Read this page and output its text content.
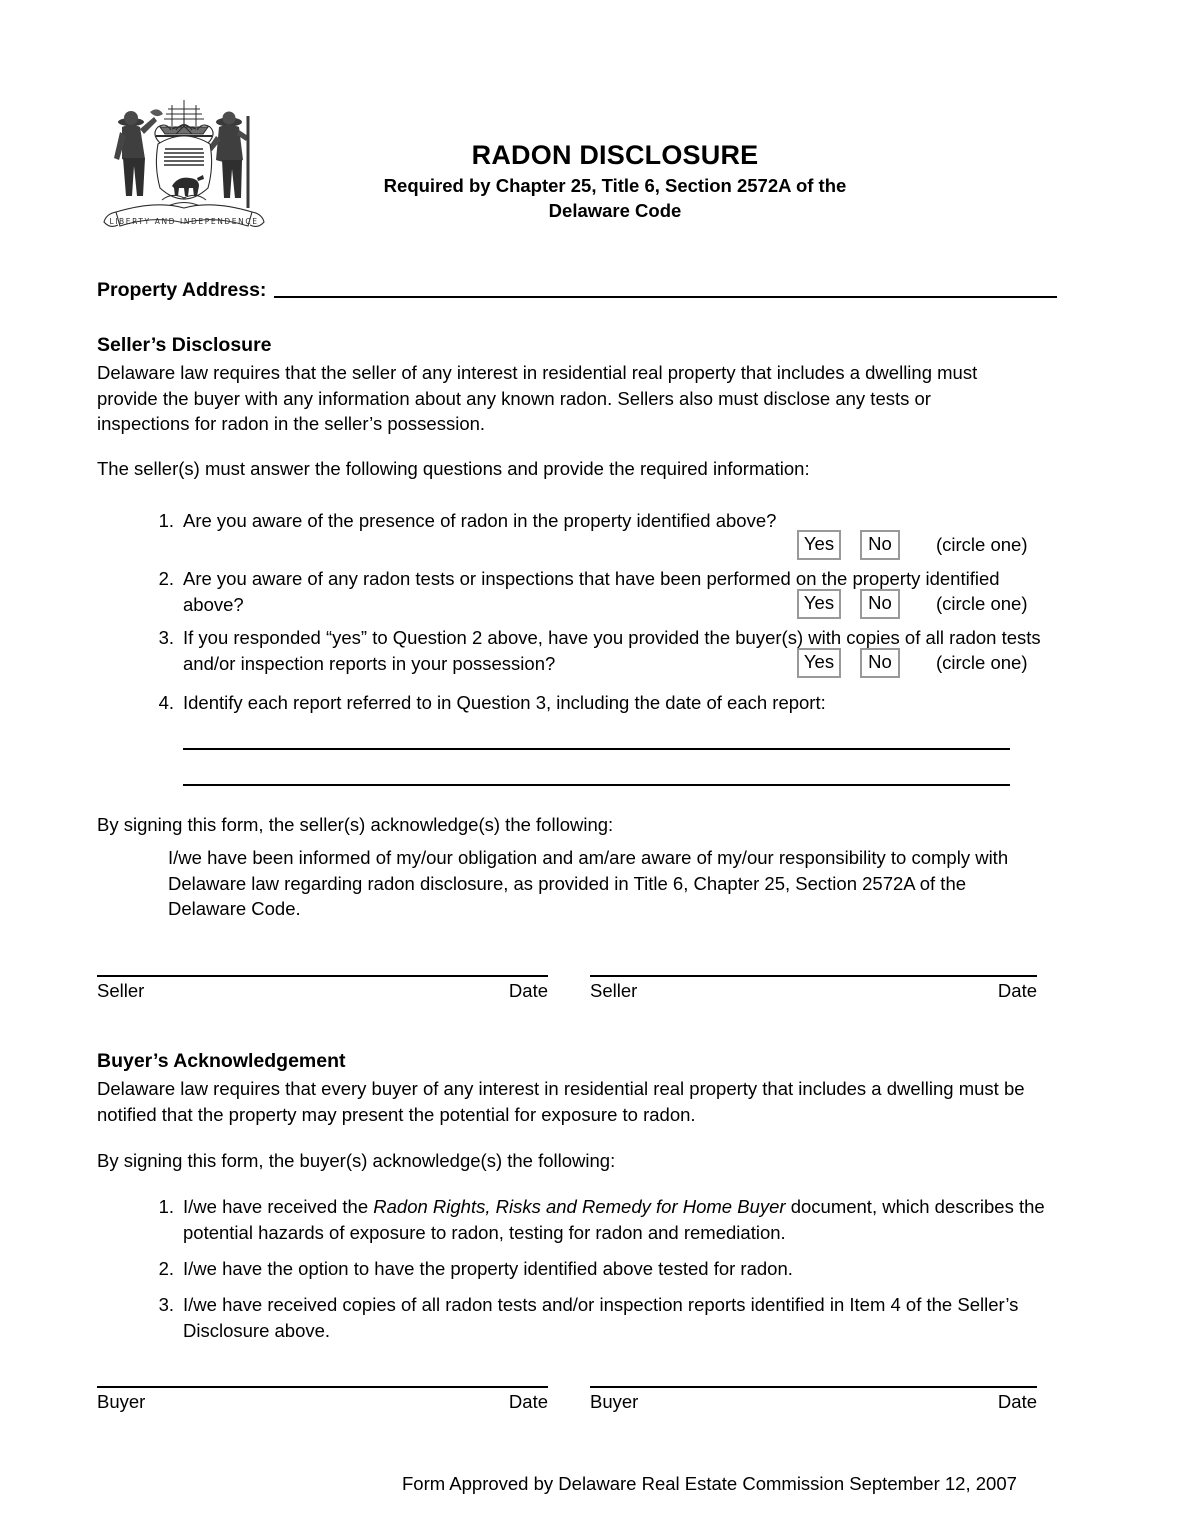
LIBERTY AND INDEPENDENCE
RADON DISCLOSURE
Required by Chapter 25, Title 6, Section 2572A of the
Delaware Code
Property Address:
Seller’s Disclosure
Delaware law requires that the seller of any interest in residential real property that includes a dwelling must provide the buyer with any information about any known radon. Sellers also must disclose any tests or inspections for radon in the seller’s possession.
The seller(s) must answer the following questions and provide the required information:
1. Are you aware of the presence of radon in the property identified above?
Yes	No	(circle one)
2. Are you aware of any radon tests or inspections that have been performed on the property identified above?	Yes	No	(circle one)
3. If you responded “yes” to Question 2 above, have you provided the buyer(s) with copies of all radon tests and/or inspection reports in your possession?	Yes	No	(circle one)
4. Identify each report referred to in Question 3, including the date of each report:
By signing this form, the seller(s) acknowledge(s) the following:
I/we have been informed of my/our obligation and am/are aware of my/our responsibility to comply with Delaware law regarding radon disclosure, as provided in Title 6, Chapter 25, Section 2572A of the Delaware Code.
Seller	Date Seller	Date
Buyer’s Acknowledgement
Delaware law requires that every buyer of any interest in residential real property that includes a dwelling must be notified that the property may present the potential for exposure to radon.
By signing this form, the buyer(s) acknowledge(s) the following:
1. I/we have received the Radon Rights, Risks and Remedy for Home Buyer document, which describes the potential hazards of exposure to radon, testing for radon and remediation.
2. I/we have the option to have the property identified above tested for radon.
3. I/we have received copies of all radon tests and/or inspection reports identified in Item 4 of the Seller’s Disclosure above.
Buyer	Date Buyer	Date
Form Approved by Delaware Real Estate Commission September 12, 2007
